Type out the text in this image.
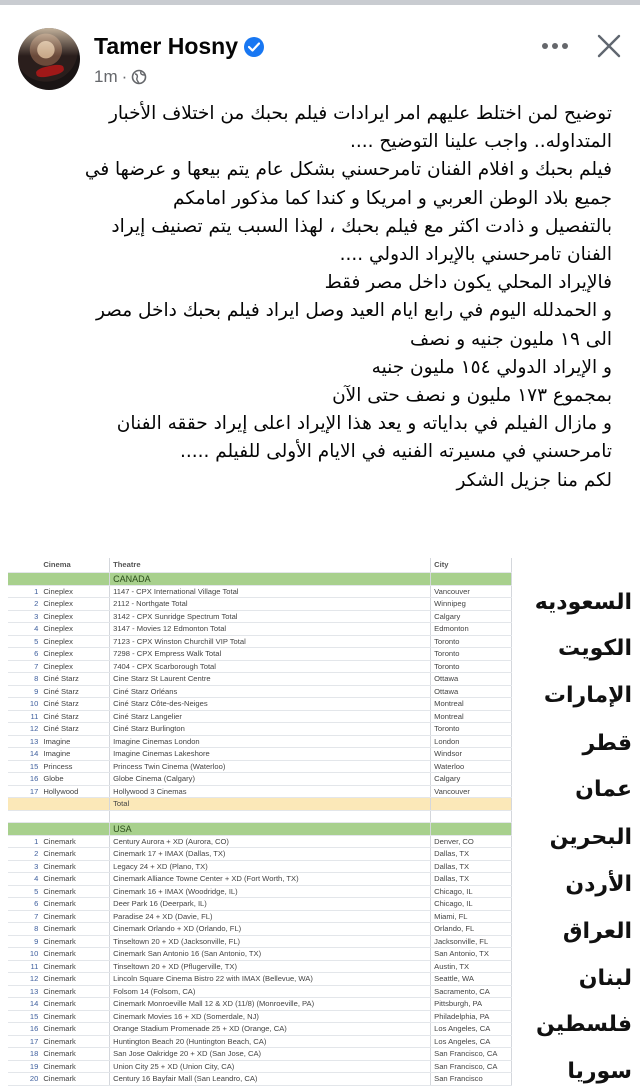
Tamer Hosny
1m ·

توضيح لمن اختلط عليهم امر ايرادات فيلم بحبك من اختلاف الأخبار

المتداوله.. واجب علينا التوضيح ....

فيلم بحبك و افلام الفنان تامرحسني بشكل عام يتم بيعها و عرضها في

جميع بلاد الوطن العربي و امريكا و كندا كما مذكور امامكم

بالتفصيل و ذادت اكثر مع فيلم بحبك ، لهذا السبب يتم تصنيف إيراد

الفنان تامرحسني بالإيراد الدولي ....

فالإيراد المحلي يكون داخل مصر فقط

و الحمدلله اليوم في رابع ايام العيد وصل ايراد فيلم بحبك داخل مصر

الى ١٩ مليون جنيه و نصف

و الإيراد الدولي ١٥٤ مليون جنيه

بمجموع ١٧٣ مليون و نصف حتى الآن

و مازال الفيلم في بداياته و يعد هذا الإيراد اعلى إيراد حققه الفنان

تامرحسني في مسيرته الفنيه في الايام الأولى للفيلم .....

لكم منا جزيل الشكر

	Cinema	Theatre	City
		CANADA	
1	Cineplex	1147 - CPX International Village Total	Vancouver
2	Cineplex	2112 - Northgate Total	Winnipeg
3	Cineplex	3142 - CPX Sunridge Spectrum Total	Calgary
4	Cineplex	3147 - Movies 12 Edmonton Total	Edmonton
5	Cineplex	7123 - CPX Winston Churchill VIP Total	Toronto
6	Cineplex	7298 - CPX Empress Walk Total	Toronto
7	Cineplex	7404 - CPX Scarborough Total	Toronto
8	Ciné Starz	Cine Starz St Laurent Centre	Ottawa
9	Ciné Starz	Ciné Starz Orléans	Ottawa
10	Ciné Starz	Ciné Starz Côte-des-Neiges	Montreal
11	Ciné Starz	Ciné Starz Langelier	Montreal
12	Ciné Starz	Ciné Starz Burlington	Toronto
13	Imagine	Imagine Cinemas London	London
14	Imagine	Imagine Cinemas Lakeshore	Windsor
15	Princess	Princess Twin Cinema (Waterloo)	Waterloo
16	Globe	Globe Cinema (Calgary)	Calgary
17	Hollywood	Hollywood 3 Cinemas	Vancouver
		Total	

		USA	
1	Cinemark	Century Aurora + XD (Aurora, CO)	Denver, CO
2	Cinemark	Cinemark 17 + IMAX (Dallas, TX)	Dallas, TX
3	Cinemark	Legacy 24 + XD (Plano, TX)	Dallas, TX
4	Cinemark	Cinemark Alliance Towne Center + XD (Fort Worth, TX)	Dallas, TX
5	Cinemark	Cinemark 16 + IMAX (Woodridge, IL)	Chicago, IL
6	Cinemark	Deer Park 16 (Deerpark, IL)	Chicago, IL
7	Cinemark	Paradise 24 + XD (Davie, FL)	Miami, FL
8	Cinemark	Cinemark Orlando + XD (Orlando, FL)	Orlando, FL
9	Cinemark	Tinseltown 20 + XD (Jacksonville, FL)	Jacksonville, FL
10	Cinemark	Cinemark San Antonio 16 (San Antonio, TX)	San Antonio, TX
11	Cinemark	Tinseltown 20 + XD (Pflugerville, TX)	Austin, TX
12	Cinemark	Lincoln Square Cinema Bistro 22 with IMAX (Bellevue, WA)	Seattle, WA
13	Cinemark	Folsom 14 (Folsom, CA)	Sacramento, CA
14	Cinemark	Cinemark Monroeville Mall 12 & XD (11/8) (Monroeville, PA)	Pittsburgh, PA
15	Cinemark	Cinemark Movies 16 + XD (Somerdale, NJ)	Philadelphia, PA
16	Cinemark	Orange Stadium Promenade 25 + XD (Orange, CA)	Los Angeles, CA
17	Cinemark	Huntington Beach 20 (Huntington Beach, CA)	Los Angeles, CA
18	Cinemark	San Jose Oakridge 20 + XD (San Jose, CA)	San Francisco, CA
19	Cinemark	Union City 25 + XD (Union City, CA)	San Francisco, CA
20	Cinemark	Century 16 Bayfair Mall (San Leandro, CA)	San Francisco
السعوديه
الكويت
الإمارات
قطر
عمان
البحرين
الأردن
العراق
لبنان
فلسطين
سوريا
